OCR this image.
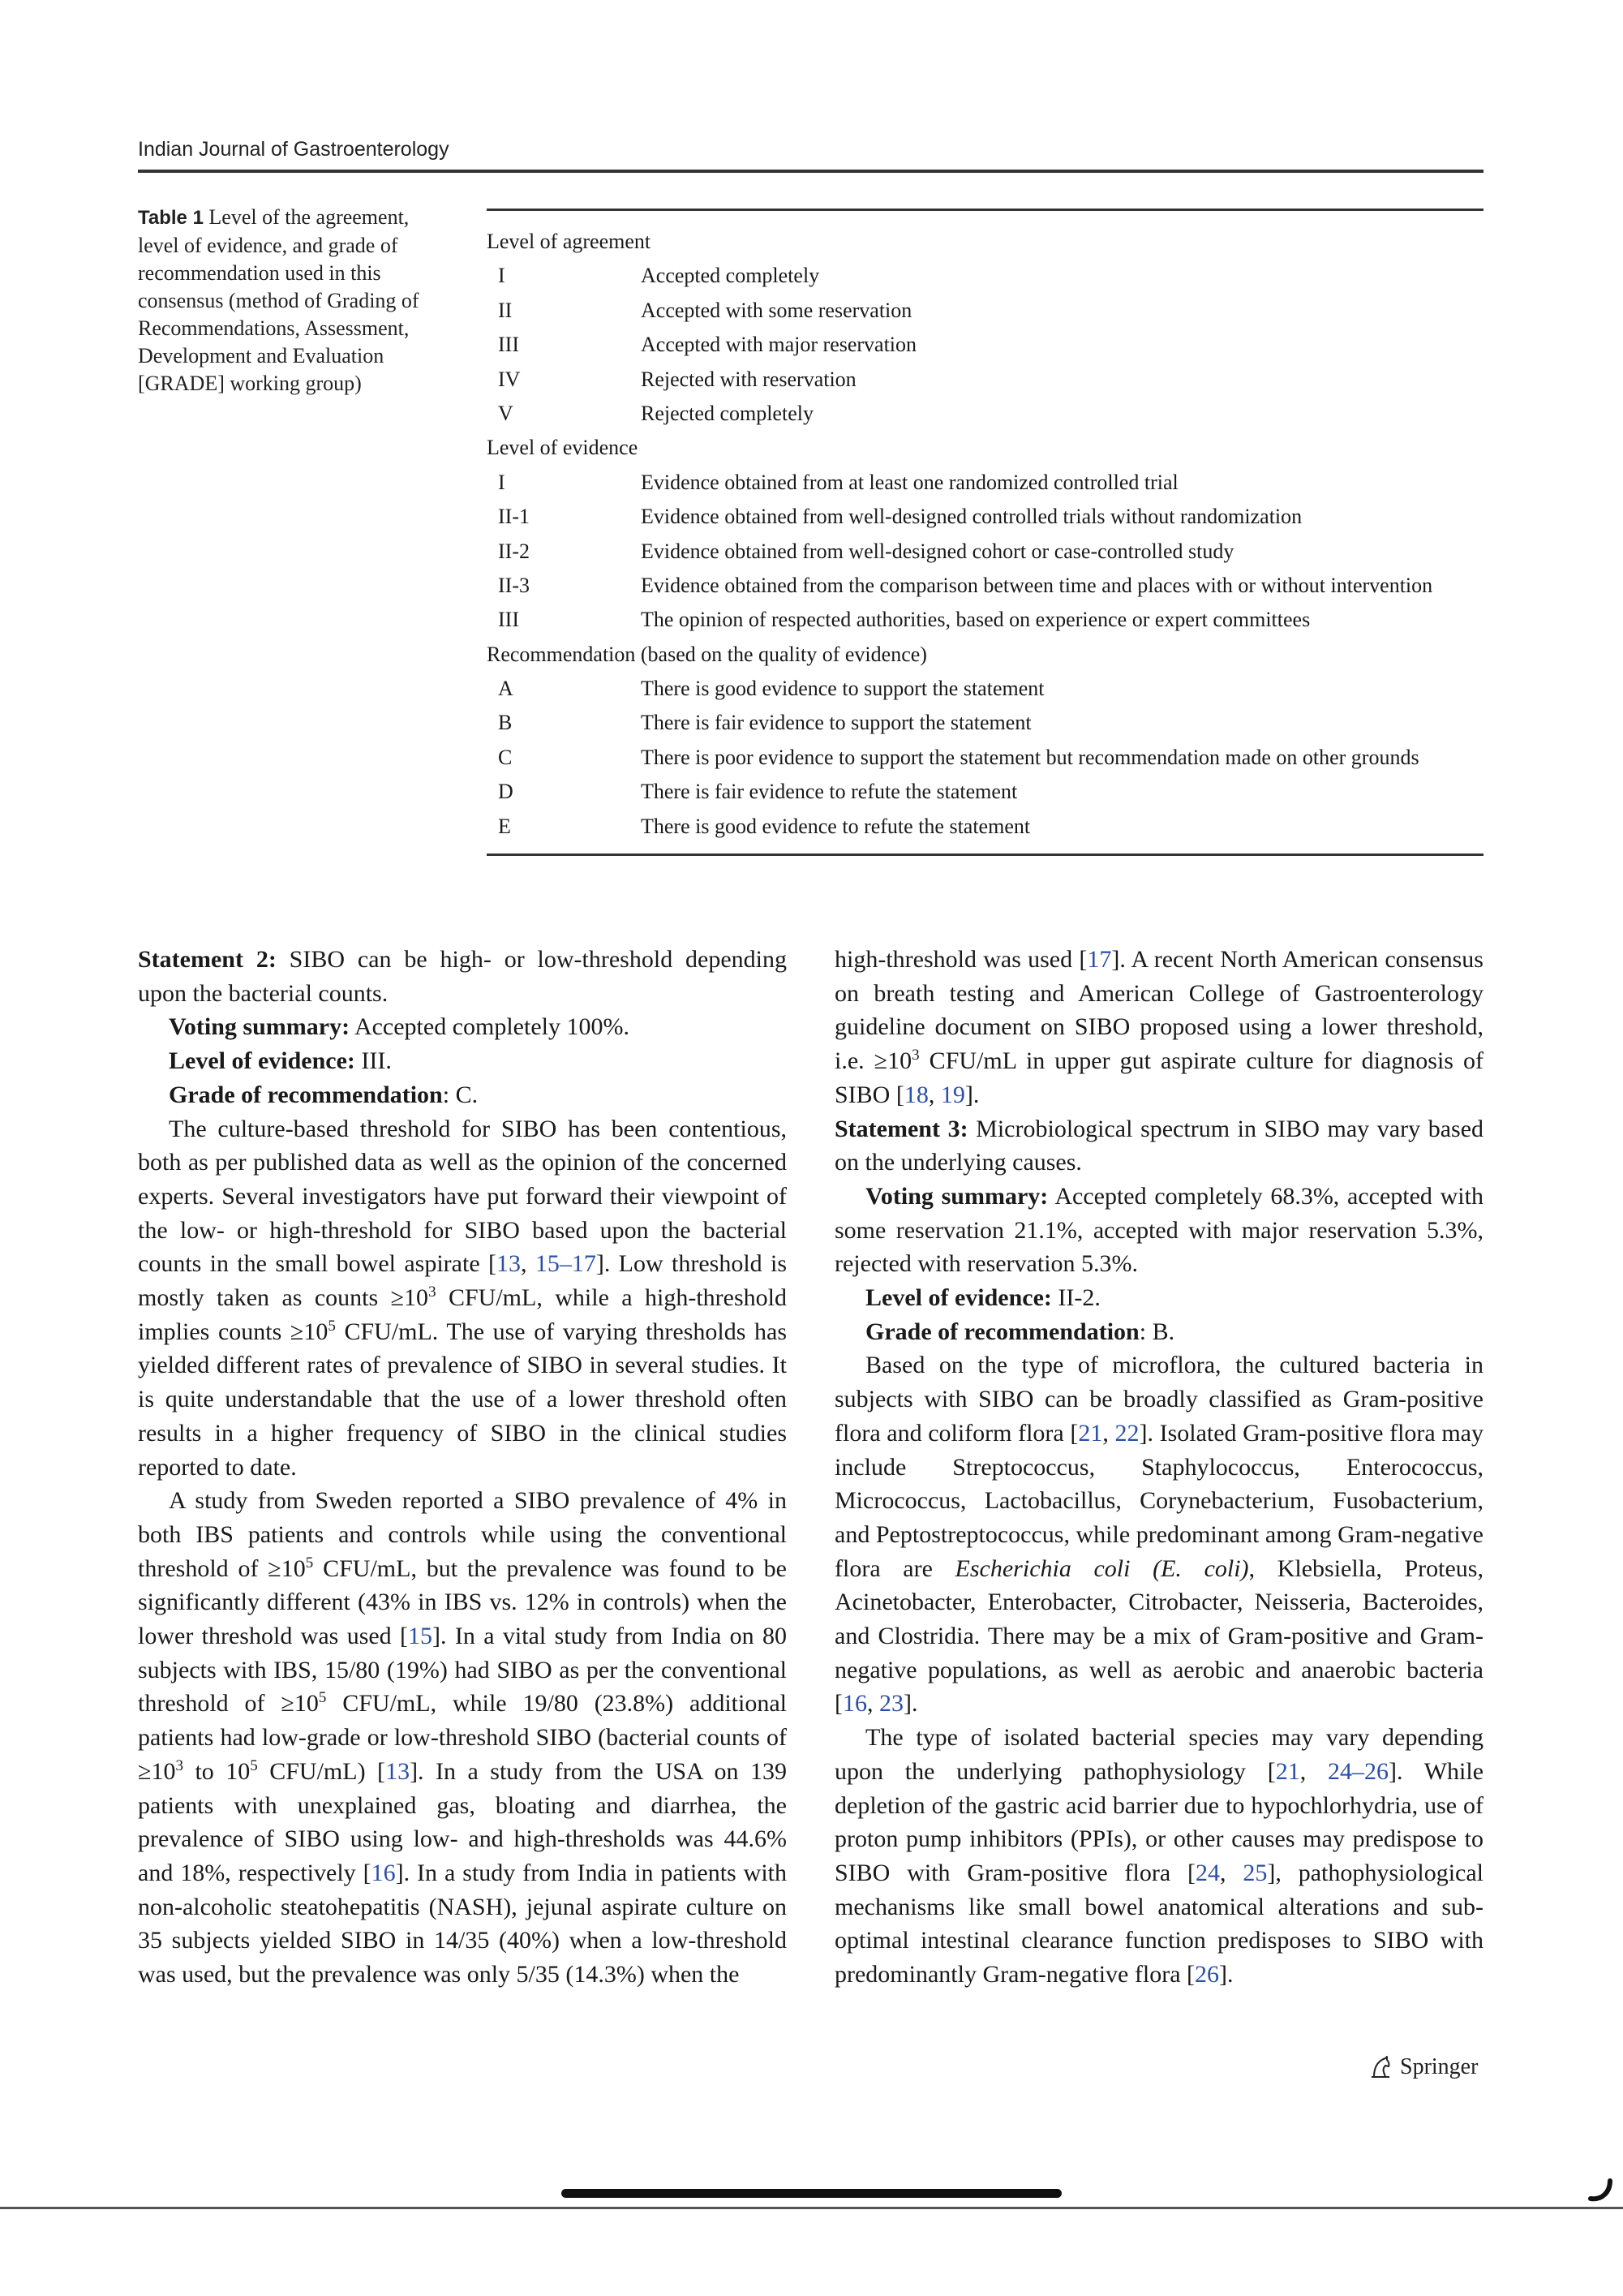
Indian Journal of Gastroenterology
Table 1 Level of the agreement,
level of evidence, and grade of
recommendation used in this
consensus (method of Grading of
Recommendations, Assessment,
Development and Evaluation
[GRADE] working group)
Level of agreement
I	Accepted completely
II	Accepted with some reservation
III	Accepted with major reservation
IV	Rejected with reservation
V	Rejected completely
Level of evidence
I	Evidence obtained from at least one randomized controlled trial
II-1	Evidence obtained from well-designed controlled trials without randomization
II-2	Evidence obtained from well-designed cohort or case-controlled study
II-3	Evidence obtained from the comparison between time and places with or without intervention
III	The opinion of respected authorities, based on experience or expert committees
Recommendation (based on the quality of evidence)
A	There is good evidence to support the statement
B	There is fair evidence to support the statement
C	There is poor evidence to support the statement but recommendation made on other grounds
D	There is fair evidence to refute the statement
E	There is good evidence to refute the statement

Statement 2: SIBO can be high- or low-threshold depending upon the bacterial counts.

Voting summary: Accepted completely 100%.

Level of evidence: III.

Grade of recommendation: C.

The culture-based threshold for SIBO has been contentious, both as per published data as well as the opinion of the concerned experts. Several investigators have put forward their viewpoint of the low- or high-threshold for SIBO based upon the bacterial counts in the small bowel aspirate [13, 15–17]. Low threshold is mostly taken as counts $\ge 10^3$ CFU/mL, while a high-threshold implies counts $\ge 10^5$ CFU/mL. The use of varying thresholds has yielded different rates of prevalence of SIBO in several studies. It is quite understandable that the use of a lower threshold often results in a higher frequency of SIBO in the clinical studies reported to date.

A study from Sweden reported a SIBO prevalence of 4% in both IBS patients and controls while using the conventional threshold of $\ge 10^5$ CFU/mL, but the prevalence was found to be significantly different (43% in IBS vs. 12% in controls) when the lower threshold was used [15]. In a vital study from India on 80 subjects with IBS, 15/80 (19%) had SIBO as per the conventional threshold of $\ge 10^5$ CFU/mL, while 19/80 (23.8%) additional patients had low-grade or low-threshold SIBO (bacterial counts of $\ge 10^3$ to $10^5$ CFU/mL) [13]. In a study from the USA on 139 patients with unexplained gas, bloating and diarrhea, the prevalence of SIBO using low- and high-thresholds was 44.6% and 18%, respectively [16]. In a study from India in patients with non-alcoholic steatohepatitis (NASH), jejunal aspirate culture on 35 subjects yielded SIBO in 14/35 (40%) when a low-threshold was used, but the prevalence was only 5/35 (14.3%) when the

high-threshold was used [17]. A recent North American consensus on breath testing and American College of Gastroenterology guideline document on SIBO proposed using a lower threshold, i.e. $\ge 10^3$ CFU/mL in upper gut aspirate culture for diagnosis of SIBO [18, 19].

Statement 3: Microbiological spectrum in SIBO may vary based on the underlying causes.

Voting summary: Accepted completely 68.3%, accepted with some reservation 21.1%, accepted with major reservation 5.3%, rejected with reservation 5.3%.

Level of evidence: II-2.

Grade of recommendation: B.

Based on the type of microflora, the cultured bacteria in subjects with SIBO can be broadly classified as Gram-positive flora and coliform flora [21, 22]. Isolated Gram-positive flora may include Streptococcus, Staphylococcus, Enterococcus, Micrococcus, Lactobacillus, Corynebacterium, Fusobacterium, and Peptostreptococcus, while predominant among Gram-negative flora are Escherichia coli (E. coli), Klebsiella, Proteus, Acinetobacter, Enterobacter, Citrobacter, Neisseria, Bacteroides, and Clostridia. There may be a mix of Gram-positive and Gram-negative populations, as well as aerobic and anaerobic bacteria [16, 23].

The type of isolated bacterial species may vary depending upon the underlying pathophysiology [21, 24–26]. While depletion of the gastric acid barrier due to hypochlorhydria, use of proton pump inhibitors (PPIs), or other causes may predispose to SIBO with Gram-positive flora [24, 25], pathophysiological mechanisms like small bowel anatomical alterations and sub-optimal intestinal clearance function predisposes to SIBO with predominantly Gram-negative flora [26].

Springer
